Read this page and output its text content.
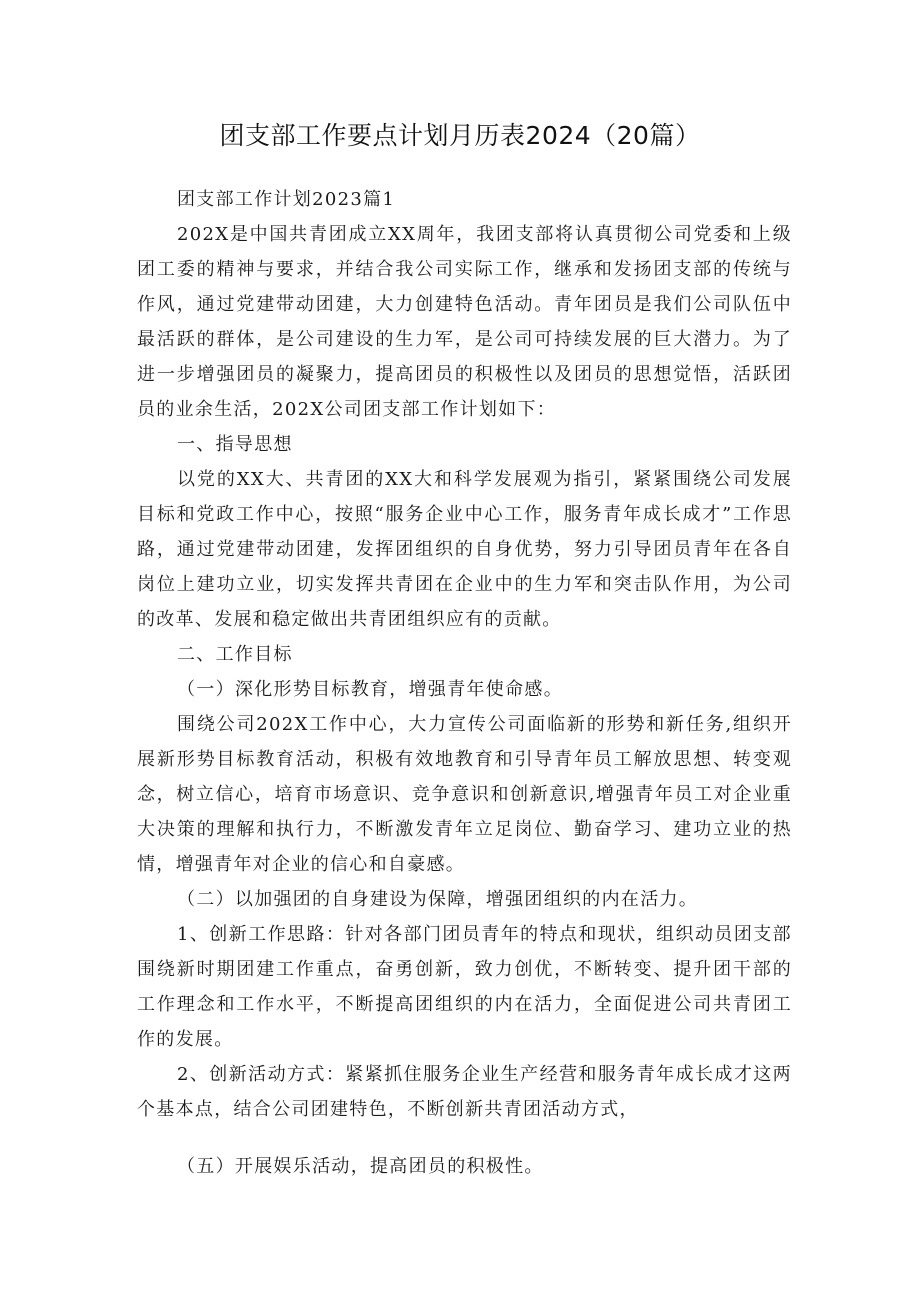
团支部工作要点计划月历表2024（20篇）

团支部工作计划2023篇1

202X是中国共青团成立XX周年，我团支部将认真贯彻公司党委和上级团工委的精神与要求，并结合我公司实际工作，继承和发扬团支部的传统与作风，通过党建带动团建，大力创建特色活动。青年团员是我们公司队伍中最活跃的群体，是公司建设的生力军，是公司可持续发展的巨大潜力。为了进一步增强团员的凝聚力，提高团员的积极性以及团员的思想觉悟，活跃团员的业余生活，202X公司团支部工作计划如下：

一、指导思想

以党的XX大、共青团的XX大和科学发展观为指引，紧紧围绕公司发展目标和党政工作中心，按照“服务企业中心工作，服务青年成长成才”工作思路，通过党建带动团建，发挥团组织的自身优势，努力引导团员青年在各自岗位上建功立业，切实发挥共青团在企业中的生力军和突击队作用，为公司的改革、发展和稳定做出共青团组织应有的贡献。

二、工作目标

（一）深化形势目标教育，增强青年使命感。

围绕公司202X工作中心，大力宣传公司面临新的形势和新任务,组织开展新形势目标教育活动，积极有效地教育和引导青年员工解放思想、转变观念，树立信心，培育市场意识、竞争意识和创新意识,增强青年员工对企业重大决策的理解和执行力，不断激发青年立足岗位、勤奋学习、建功立业的热情，增强青年对企业的信心和自豪感。

（二）以加强团的自身建设为保障，增强团组织的内在活力。

1、创新工作思路：针对各部门团员青年的特点和现状，组织动员团支部围绕新时期团建工作重点，奋勇创新，致力创优，不断转变、提升团干部的工作理念和工作水平，不断提高团组织的内在活力，全面促进公司共青团工作的发展。

2、创新活动方式：紧紧抓住服务企业生产经营和服务青年成长成才这两个基本点，结合公司团建特色，不断创新共青团活动方式，

（五）开展娱乐活动，提高团员的积极性。
